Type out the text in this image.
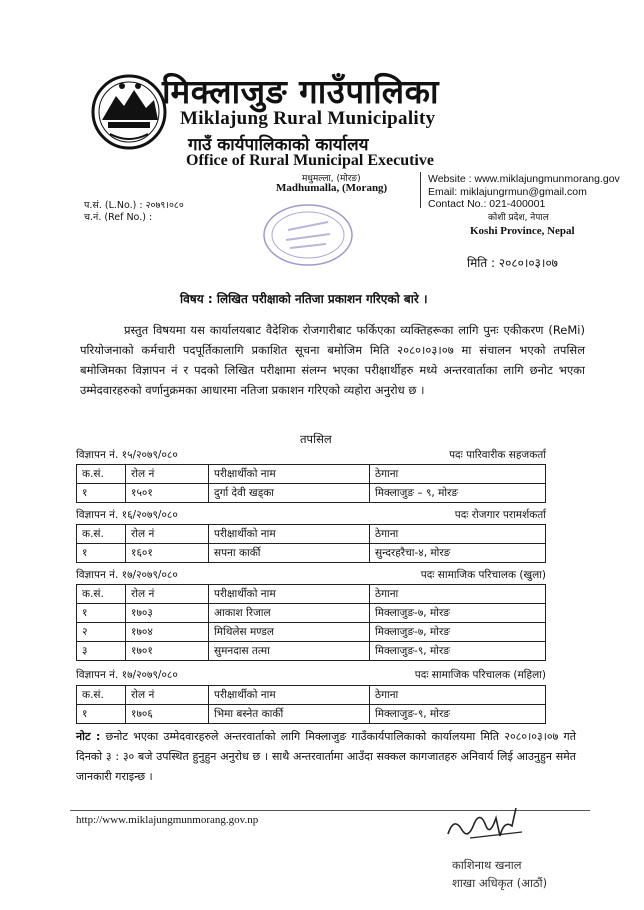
मिक्लाजुङ गाउँपालिका
Miklajung Rural Municipality
गाउँ कार्यपालिकाको कार्यालय
Office of Rural Municipal Executive
मधुमल्ला, (मोरङ)
Madhumalla, (Morang)
Website : www.miklajungmunmorang.gov
Email: miklajungrmun@gmail.com
Contact No.: 021-400001
कोशी प्रदेश, नेपाल
Koshi Province, Nepal
प.सं. (L.No.) : २०७९।०८०
च.नं. (Ref No.) :
मिति : २०८०।०३।०७
विषय : लिखित परीक्षाको नतिजा प्रकाशन गरिएको बारे ।
प्रस्तुत विषयमा यस कार्यालयबाट वैदेशिक रोजगारीबाट फर्किएका व्यक्तिहरूका लागि पुनः एकीकरण (ReMi) परियोजनाको कर्मचारी पदपूर्तिकालागि प्रकाशित सूचना बमोजिम मिति २०८०।०३।०७ मा संचालन भएको तपसिल बमोजिमका विज्ञापन नं र पदको लिखित परीक्षामा संलग्न भएका परीक्षार्थीहरु मध्ये अन्तरवार्ताका लागि छनोट भएका उम्मेदवारहरुको वर्णानुक्रमका आधारमा नतिजा प्रकाशन गरिएको व्यहोरा अनुरोध छ ।
तपसिल
विज्ञापन नं. १५/२०७९/०८०	पदः पारिवारीक सहजकर्ता
क.सं.	रोल नं	परीक्षार्थीको नाम	ठेगाना
१	१५०१	दुर्गा देवी खड्का	मिक्लाजुङ – ९, मोरङ
विज्ञापन नं. १६/२०७९/०८०	पदः रोजगार परामर्शकर्ता
क.सं.	रोल नं	परीक्षार्थीको नाम	ठेगाना
१	१६०१	सपना कार्की	सुन्दरहरैचा-४, मोरङ
विज्ञापन नं. १७/२०७९/०८०	पदः सामाजिक परिचालक (खुला)
क.सं.	रोल नं	परीक्षार्थीको नाम	ठेगाना
१	१७०३	आकाश रिजाल	मिक्लाजुङ-७, मोरङ
२	१७०४	मिथिलेस मण्डल	मिक्लाजुङ-७, मोरङ
३	१७०१	सुमनदास तत्मा	मिक्लाजुङ-९, मोरङ
विज्ञापन नं. १७/२०७९/०८०	पदः सामाजिक परिचालक (महिला)
क.सं.	रोल नं	परीक्षार्थीको नाम	ठेगाना
१	१७०६	भिमा बस्नेत कार्की	मिक्लाजुङ-९, मोरङ
नोट : छनोट भएका उम्मेदवारहरुले अन्तरवार्ताको लागि मिक्लाजुङ गाउँकार्यपालिकाको कार्यालयमा मिति २०८०।०३।०७ गते दिनको ३ : ३० बजे उपस्थित हुनुहुन अनुरोध छ । साथै अन्तरवार्तामा आउँदा सक्कल कागजातहरु अनिवार्य लिई आउनुहुन समेत जानकारी गराइन्छ ।
http://www.miklajungmunmorang.gov.np
काशिनाथ खनाल
शाखा अधिकृत (आठौं)
